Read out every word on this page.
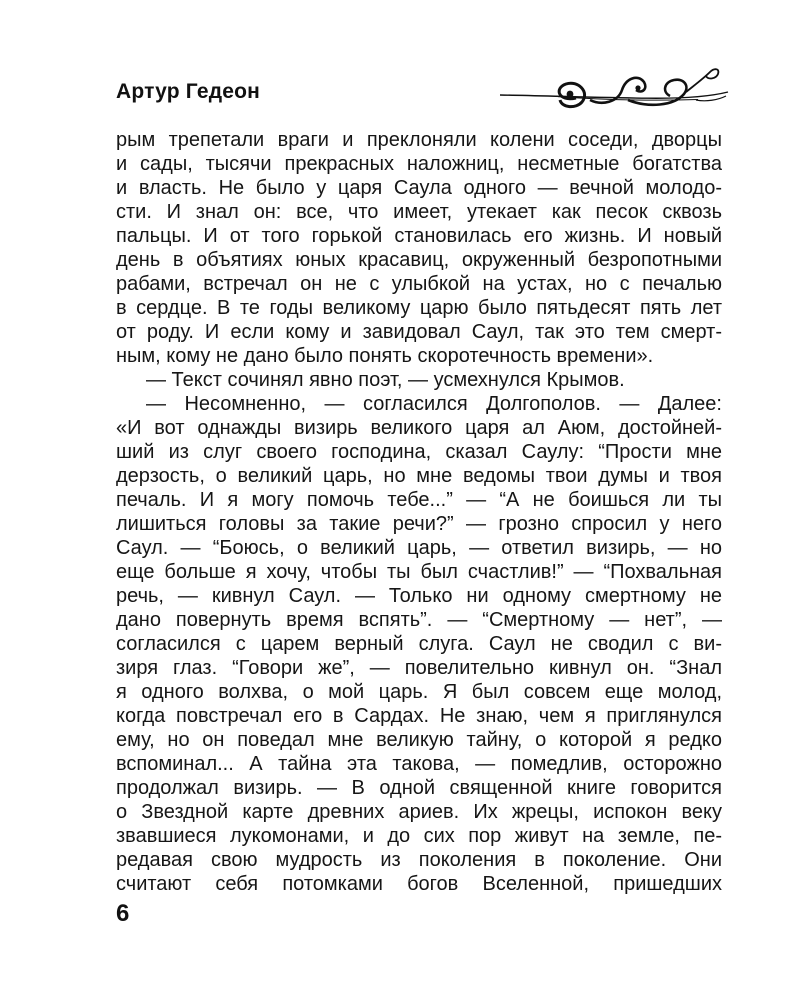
Артур Гедеон
рым трепетали враги и преклоняли колени соседи, дворцы
и сады, тысячи прекрасных наложниц, несметные богатства
и власть. Не было у царя Саула одного — вечной молодо-
сти. И знал он: все, что имеет, утекает как песок сквозь
пальцы. И от того горькой становилась его жизнь. И новый
день в объятиях юных красавиц, окруженный безропотными
рабами, встречал он не с улыбкой на устах, но с печалью
в сердце. В те годы великому царю было пятьдесят пять лет
от роду. И если кому и завидовал Саул, так это тем смерт-
ным, кому не дано было понять скоротечность времени».
— Текст сочинял явно поэт, — усмехнулся Крымов.
— Несомненно, — согласился Долгополов. — Далее:
«И вот однажды визирь великого царя ал Аюм, достойней-
ший из слуг своего господина, сказал Саулу: “Прости мне
дерзость, о великий царь, но мне ведомы твои думы и твоя
печаль. И я могу помочь тебе...” — “А не боишься ли ты
лишиться головы за такие речи?” — грозно спросил у него
Саул. — “Боюсь, о великий царь, — ответил визирь, — но
еще больше я хочу, чтобы ты был счастлив!” — “Похвальная
речь, — кивнул Саул. — Только ни одному смертному не
дано повернуть время вспять”. — “Смертному — нет”, —
согласился с царем верный слуга. Саул не сводил с ви-
зиря глаз. “Говори же”, — повелительно кивнул он. “Знал
я одного волхва, о мой царь. Я был совсем еще молод,
когда повстречал его в Сардах. Не знаю, чем я приглянулся
ему, но он поведал мне великую тайну, о которой я редко
вспоминал... А тайна эта такова, — помедлив, осторожно
продолжал визирь. — В одной священной книге говорится
о Звездной карте древних ариев. Их жрецы, испокон веку
звавшиеся лукомонами, и до сих пор живут на земле, пе-
редавая свою мудрость из поколения в поколение. Они
считают себя потомками богов Вселенной, пришедших
6
